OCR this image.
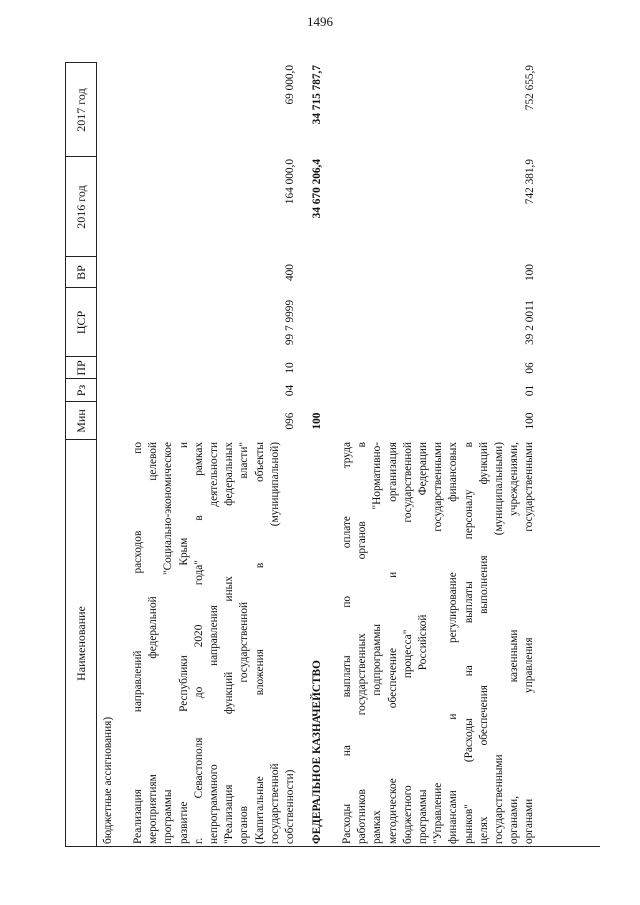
1496
Наименование
Мин
Рз
ПР
ЦСР
ВР
2016 год
2017 год
бюджетные ассигнования) Реализация направлений расходов по мероприятиям федеральной целевой программы "Социально-экономическое развитие Республики Крым и г. Севастополя до 2020 года" в рамках непрограммного направления деятельности "Реализация функций иных федеральных органов государственной власти" (Капитальные вложения в объекты государственной (муниципальной) собственности)
096
04
10
99 7 9999
400
164 000,0
69 000,0
ФЕДЕРАЛЬНОЕ КАЗНАЧЕЙСТВО
100
34 670 206,4
34 715 787,7
Расходы на выплаты по оплате труда работников государственных органов в рамках подпрограммы "Нормативно- методическое обеспечение и организация бюджетного процесса" государственной программы Российской Федерации "Управление государственными финансами и регулирование финансовых рынков" (Расходы на выплаты персоналу в целях обеспечения выполнения функций государственными (муниципальными) органами, казенными учреждениями, органами управления государственными
100
01
06
39 2 0011
100
742 381,9
752 655,9
